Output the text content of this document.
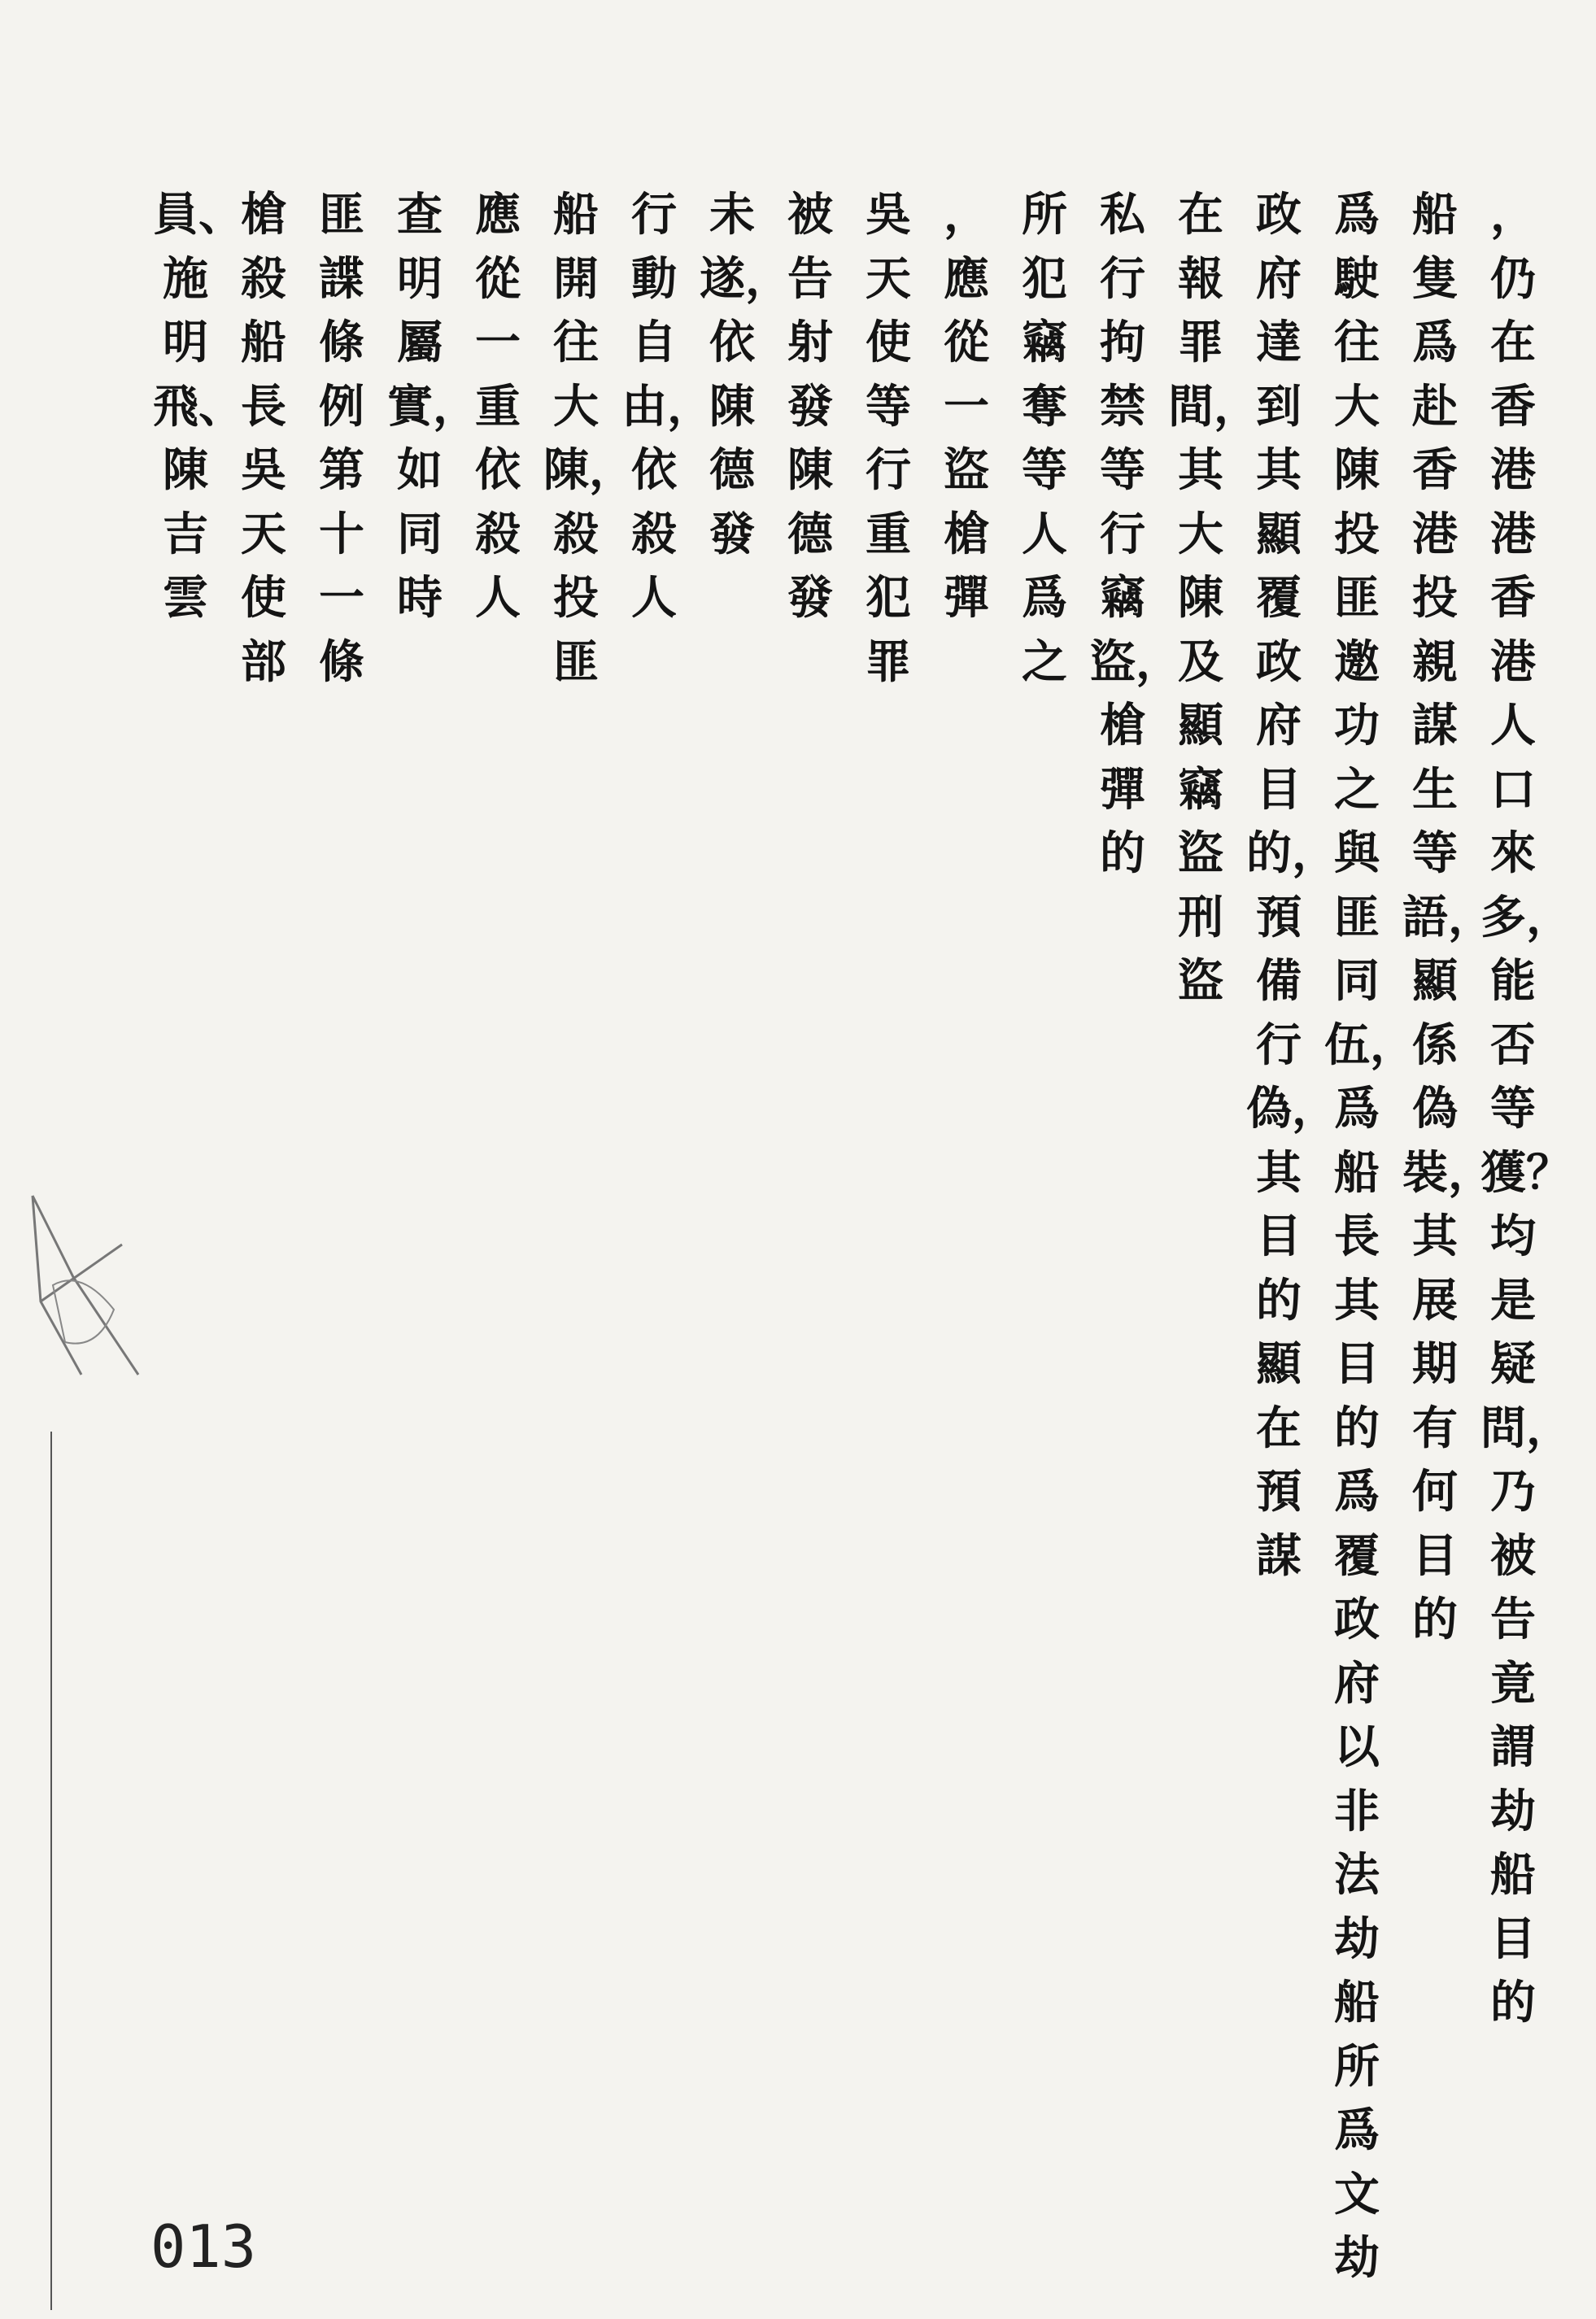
，仍在香港港香港人口來多，能否等獲？均是疑問，乃被告竟謂劫船目的
船隻爲赴香港投親謀生等語，顯係偽裝，其展期有何目的
爲駛往大陳投匪邀功之與匪同伍，爲船長其目的爲覆政府以非法劫船所爲文劫
政府達到其顯覆政府目的，預備行偽，其目的顯在預謀
在報罪間，其大陳及顯竊盜刑盜
私行拘禁等行竊盜，槍彈的
所犯竊奪等人爲之
，應從一盜槍彈
吳天使等行重犯罪
被告射發陳德發
未遂，依陳德發
行動自由，依殺人
船開往大陳，殺投匪
應從一重依殺人
查明屬實，如同時
匪諜條例第十一條
槍殺船長吳天使部
員、施明飛、陳吉雲
013
